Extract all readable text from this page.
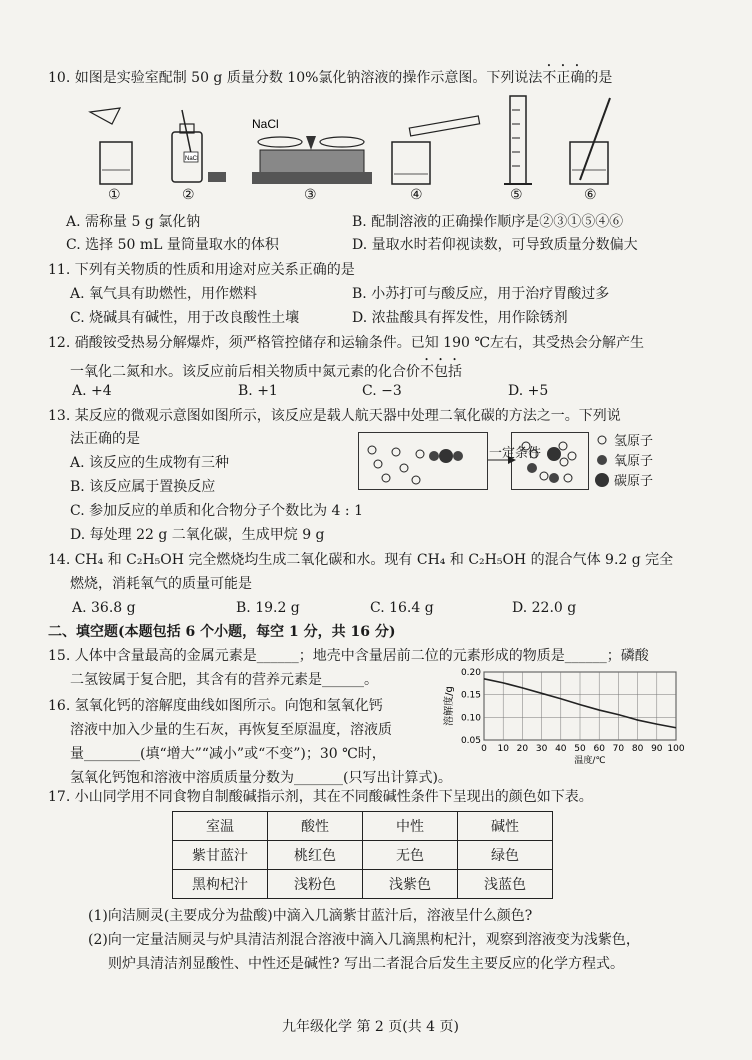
10. 如图是实验室配制 50 g 质量分数 10%氯化钠溶液的操作示意图。下列说法不正确的是
NaCl
NaCl
①	②	③	④	⑤	⑥
A. 需称量 5 g 氯化钠	B. 配制溶液的正确操作顺序是②③①⑤④⑥
C. 选择 50 mL 量筒量取水的体积	D. 量取水时若仰视读数，可导致质量分数偏大
11. 下列有关物质的性质和用途对应关系正确的是
A. 氧气具有助燃性，用作燃料	B. 小苏打可与酸反应，用于治疗胃酸过多
C. 烧碱具有碱性，用于改良酸性土壤	D. 浓盐酸具有挥发性，用作除锈剂
12. 硝酸铵受热易分解爆炸，须严格管控储存和运输条件。已知 190 ℃左右，其受热会分解产生
一氧化二氮和水。该反应前后相关物质中氮元素的化合价不包括
A. +4	B. +1	C. −3	D. +5
13. 某反应的微观示意图如图所示，该反应是载人航天器中处理二氧化碳的方法之一。下列说
法正确的是
A. 该反应的生成物有三种
B. 该反应属于置换反应
C. 参加反应的单质和化合物分子个数比为 4 : 1
D. 每处理 22 g 二氧化碳，生成甲烷 9 g
一定条件
氢原子
氧原子
碳原子
14. CH₄ 和 C₂H₅OH 完全燃烧均生成二氧化碳和水。现有 CH₄ 和 C₂H₅OH 的混合气体 9.2 g 完全
燃烧，消耗氧气的质量可能是
A. 36.8 g	B. 19.2 g	C. 16.4 g	D. 22.0 g
二、填空题(本题包括 6 个小题，每空 1 分，共 16 分)
15. 人体中含量最高的金属元素是______；地壳中含量居前二位的元素形成的物质是______；磷酸
二氢铵属于复合肥，其含有的营养元素是______。
16. 氢氧化钙的溶解度曲线如图所示。向饱和氢氧化钙
溶液中加入少量的生石灰，再恢复至原温度，溶液质
量________(填“增大”“减小”或“不变”)；30 ℃时，
氢氧化钙饱和溶液中溶质质量分数为_______(只写出计算式)。
0 10 20 30 40 50 60 70 80 90 100
0.20
0.15
0.10
0.05
溶解度/g
温度/℃
17. 小山同学用不同食物自制酸碱指示剂，其在不同酸碱性条件下呈现出的颜色如下表。
室温	酸性	中性	碱性
紫甘蓝汁	桃红色	无色	绿色
黑枸杞汁	浅粉色	浅紫色	浅蓝色
(1)向洁厕灵(主要成分为盐酸)中滴入几滴紫甘蓝汁后，溶液呈什么颜色?
(2)向一定量洁厕灵与炉具清洁剂混合溶液中滴入几滴黑枸杞汁，观察到溶液变为浅紫色，
则炉具清洁剂显酸性、中性还是碱性? 写出二者混合后发生主要反应的化学方程式。
九年级化学 第 2 页(共 4 页)
